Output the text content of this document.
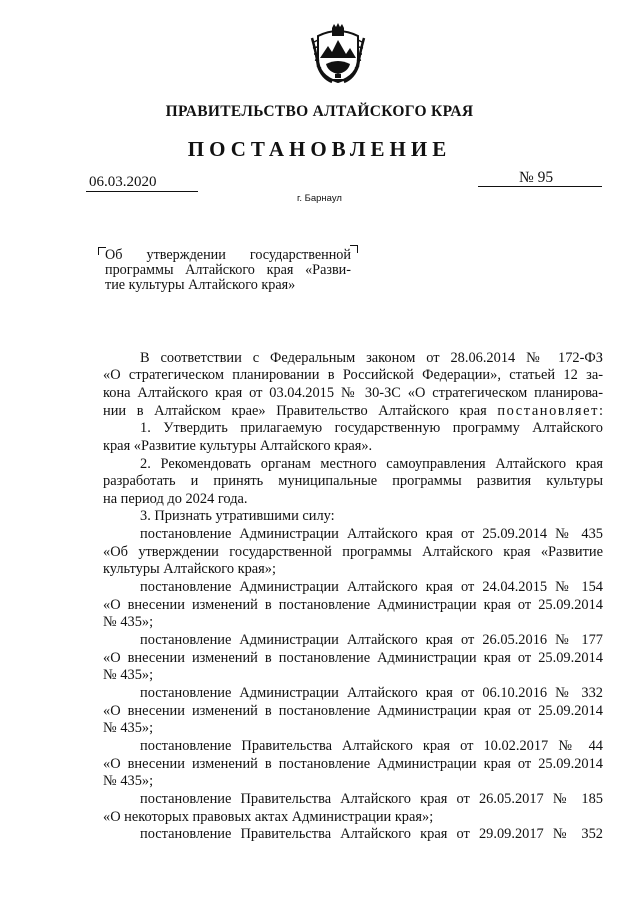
ПРАВИТЕЛЬСТВО АЛТАЙСКОГО КРАЯ
ПОСТАНОВЛЕНИЕ
06.03.2020	№ 95
г. Барнаул
Об утверждении государственной
программы Алтайского края «Разви-
тие культуры Алтайского края»
В соответствии с Федеральным законом от 28.06.2014 № 172-ФЗ
«О стратегическом планировании в Российской Федерации», статьей 12 за-
кона Алтайского края от 03.04.2015 № 30-ЗС «О стратегическом планирова-
нии в Алтайском крае» Правительство Алтайского края постановляет:
1. Утвердить прилагаемую государственную программу Алтайского
края «Развитие культуры Алтайского края».
2. Рекомендовать органам местного самоуправления Алтайского края
разработать и принять муниципальные программы развития культуры
на период до 2024 года.
3. Признать утратившими силу:
постановление Администрации Алтайского края от 25.09.2014 № 435
«Об утверждении государственной программы Алтайского края «Развитие
культуры Алтайского края»;
постановление Администрации Алтайского края от 24.04.2015 № 154
«О внесении изменений в постановление Администрации края от 25.09.2014
№ 435»;
постановление Администрации Алтайского края от 26.05.2016 № 177
«О внесении изменений в постановление Администрации края от 25.09.2014
№ 435»;
постановление Администрации Алтайского края от 06.10.2016 № 332
«О внесении изменений в постановление Администрации края от 25.09.2014
№ 435»;
постановление Правительства Алтайского края от 10.02.2017 № 44
«О внесении изменений в постановление Администрации края от 25.09.2014
№ 435»;
постановление Правительства Алтайского края от 26.05.2017 № 185
«О некоторых правовых актах Администрации края»;
постановление Правительства Алтайского края от 29.09.2017 № 352
